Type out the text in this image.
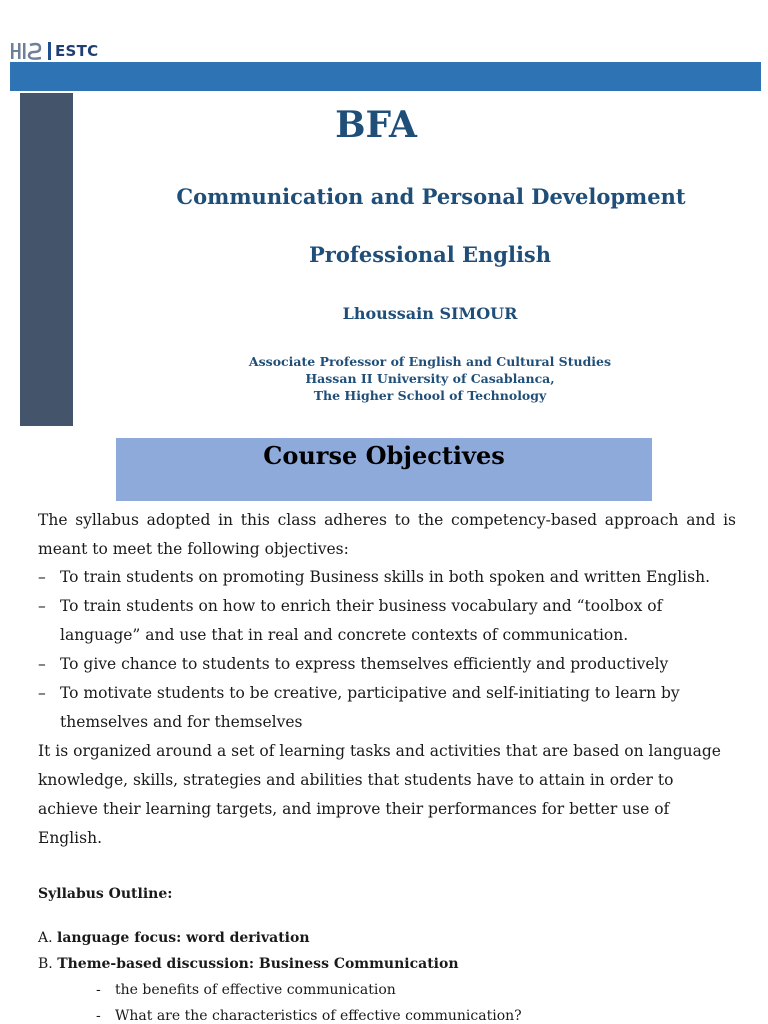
ESTC
BFA
Communication and Personal Development
Professional English
Lhoussain SIMOUR
Associate Professor of English and Cultural Studies
Hassan II University of Casablanca,
The Higher School of Technology
Course Objectives

The syllabus adopted in this class adheres to the competency-based approach and is meant to meet the following objectives:

– To train students on promoting Business skills in both spoken and written English.
– To train students on how to enrich their business vocabulary and “toolbox of language” and use that in real and concrete contexts of communication.
– To give chance to students to express themselves efficiently and productively
– To motivate students to be creative, participative and self-initiating to learn by themselves and for themselves

It is organized around a set of learning tasks and activities that are based on language knowledge, skills, strategies and abilities that students have to attain in order to achieve their learning targets, and improve their performances for better use of English.

Syllabus Outline:

A. language focus: word derivation

B. Theme-based discussion: Business Communication

- the benefits of effective communication

- What are the characteristics of effective communication?
